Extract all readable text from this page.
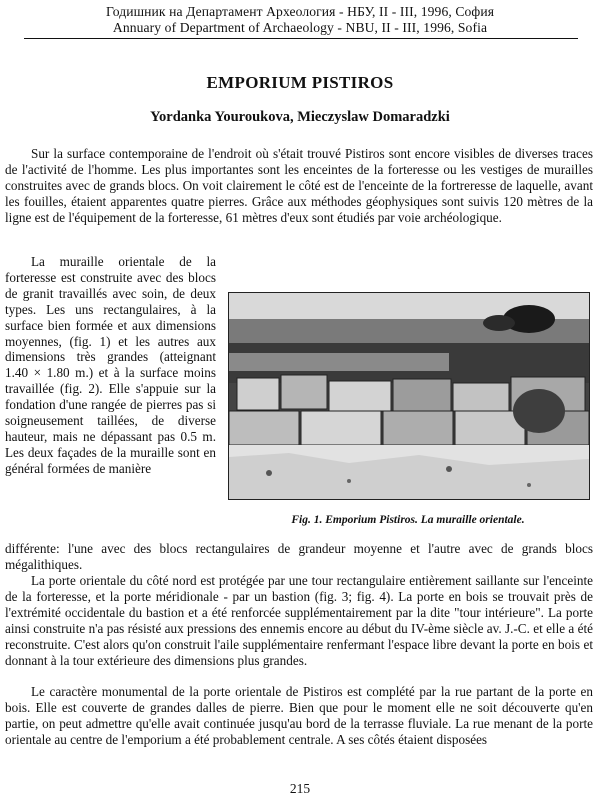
Годишник на Департамент Археология - НБУ, II - III, 1996, София
Annuary of Department of Archaeology - NBU, II - III, 1996, Sofia
EMPORIUM PISTIROS
Yordanka Youroukova, Mieczyslaw Domaradzki

Sur la surface contemporaine de l'endroit où s'était trouvé Pistiros sont encore visibles de diverses traces de l'activité de l'homme. Les plus importantes sont les enceintes de la forteresse ou les vestiges de murailles construites avec de grands blocs. On voit clairement le côté est de l'enceinte de la fortreresse de laquelle, avant les fouilles, étaient apparentes quatre pierres. Grâce aux méthodes géophysiques sont suivis 120 mètres de la ligne est de l'équipement de la forteresse, 61 mètres d'eux sont étudiés par voie archéologique.

La muraille orientale de la forteresse est construite avec des blocs de granit travaillés avec soin, de deux types. Les uns rectangulaires, à la surface bien formée et aux dimensions moyennes, (fig. 1) et les autres aux dimensions très grandes (atteignant 1.40 × 1.80 m.) et à la surface moins travaillée (fig. 2). Elle s'appuie sur la fondation d'une rangée de pierres pas si soigneusement taillées, de diverse hauteur, mais ne dépassant pas 0.5 m. Les deux façades de la muraille sont en général formées de manière

Fig. 1. Emporium Pistiros. La muraille orientale.

différente: l'une avec des blocs rectangulaires de grandeur moyenne et l'autre avec de grands blocs mégalithiques.

La porte orientale du côté nord est protégée par une tour rectangulaire entièrement saillante sur l'enceinte de la forteresse, et la porte méridionale - par un bastion (fig. 3; fig. 4). La porte en bois se trouvait près de l'extrémité occidentale du bastion et a été renforcée supplémentairement par la dite "tour intérieure". La porte ainsi construite n'a pas résisté aux pressions des ennemis encore au début du IV-ème siècle av. J.-C. et elle a été reconstruite. C'est alors qu'on construit l'aile supplémentaire renfermant l'espace libre devant la porte en bois et donnant à la tour extérieure des dimensions plus grandes.

Le caractère monumental de la porte orientale de Pistiros est complété par la rue partant de la porte en bois. Elle est couverte de grandes dalles de pierre. Bien que pour le moment elle ne soit découverte qu'en partie, on peut admettre qu'elle avait continuée jusqu'au bord de la terrasse fluviale. La rue menant de la porte orientale au centre de l'emporium a été probablement centrale. A ses côtés étaient disposées

215
